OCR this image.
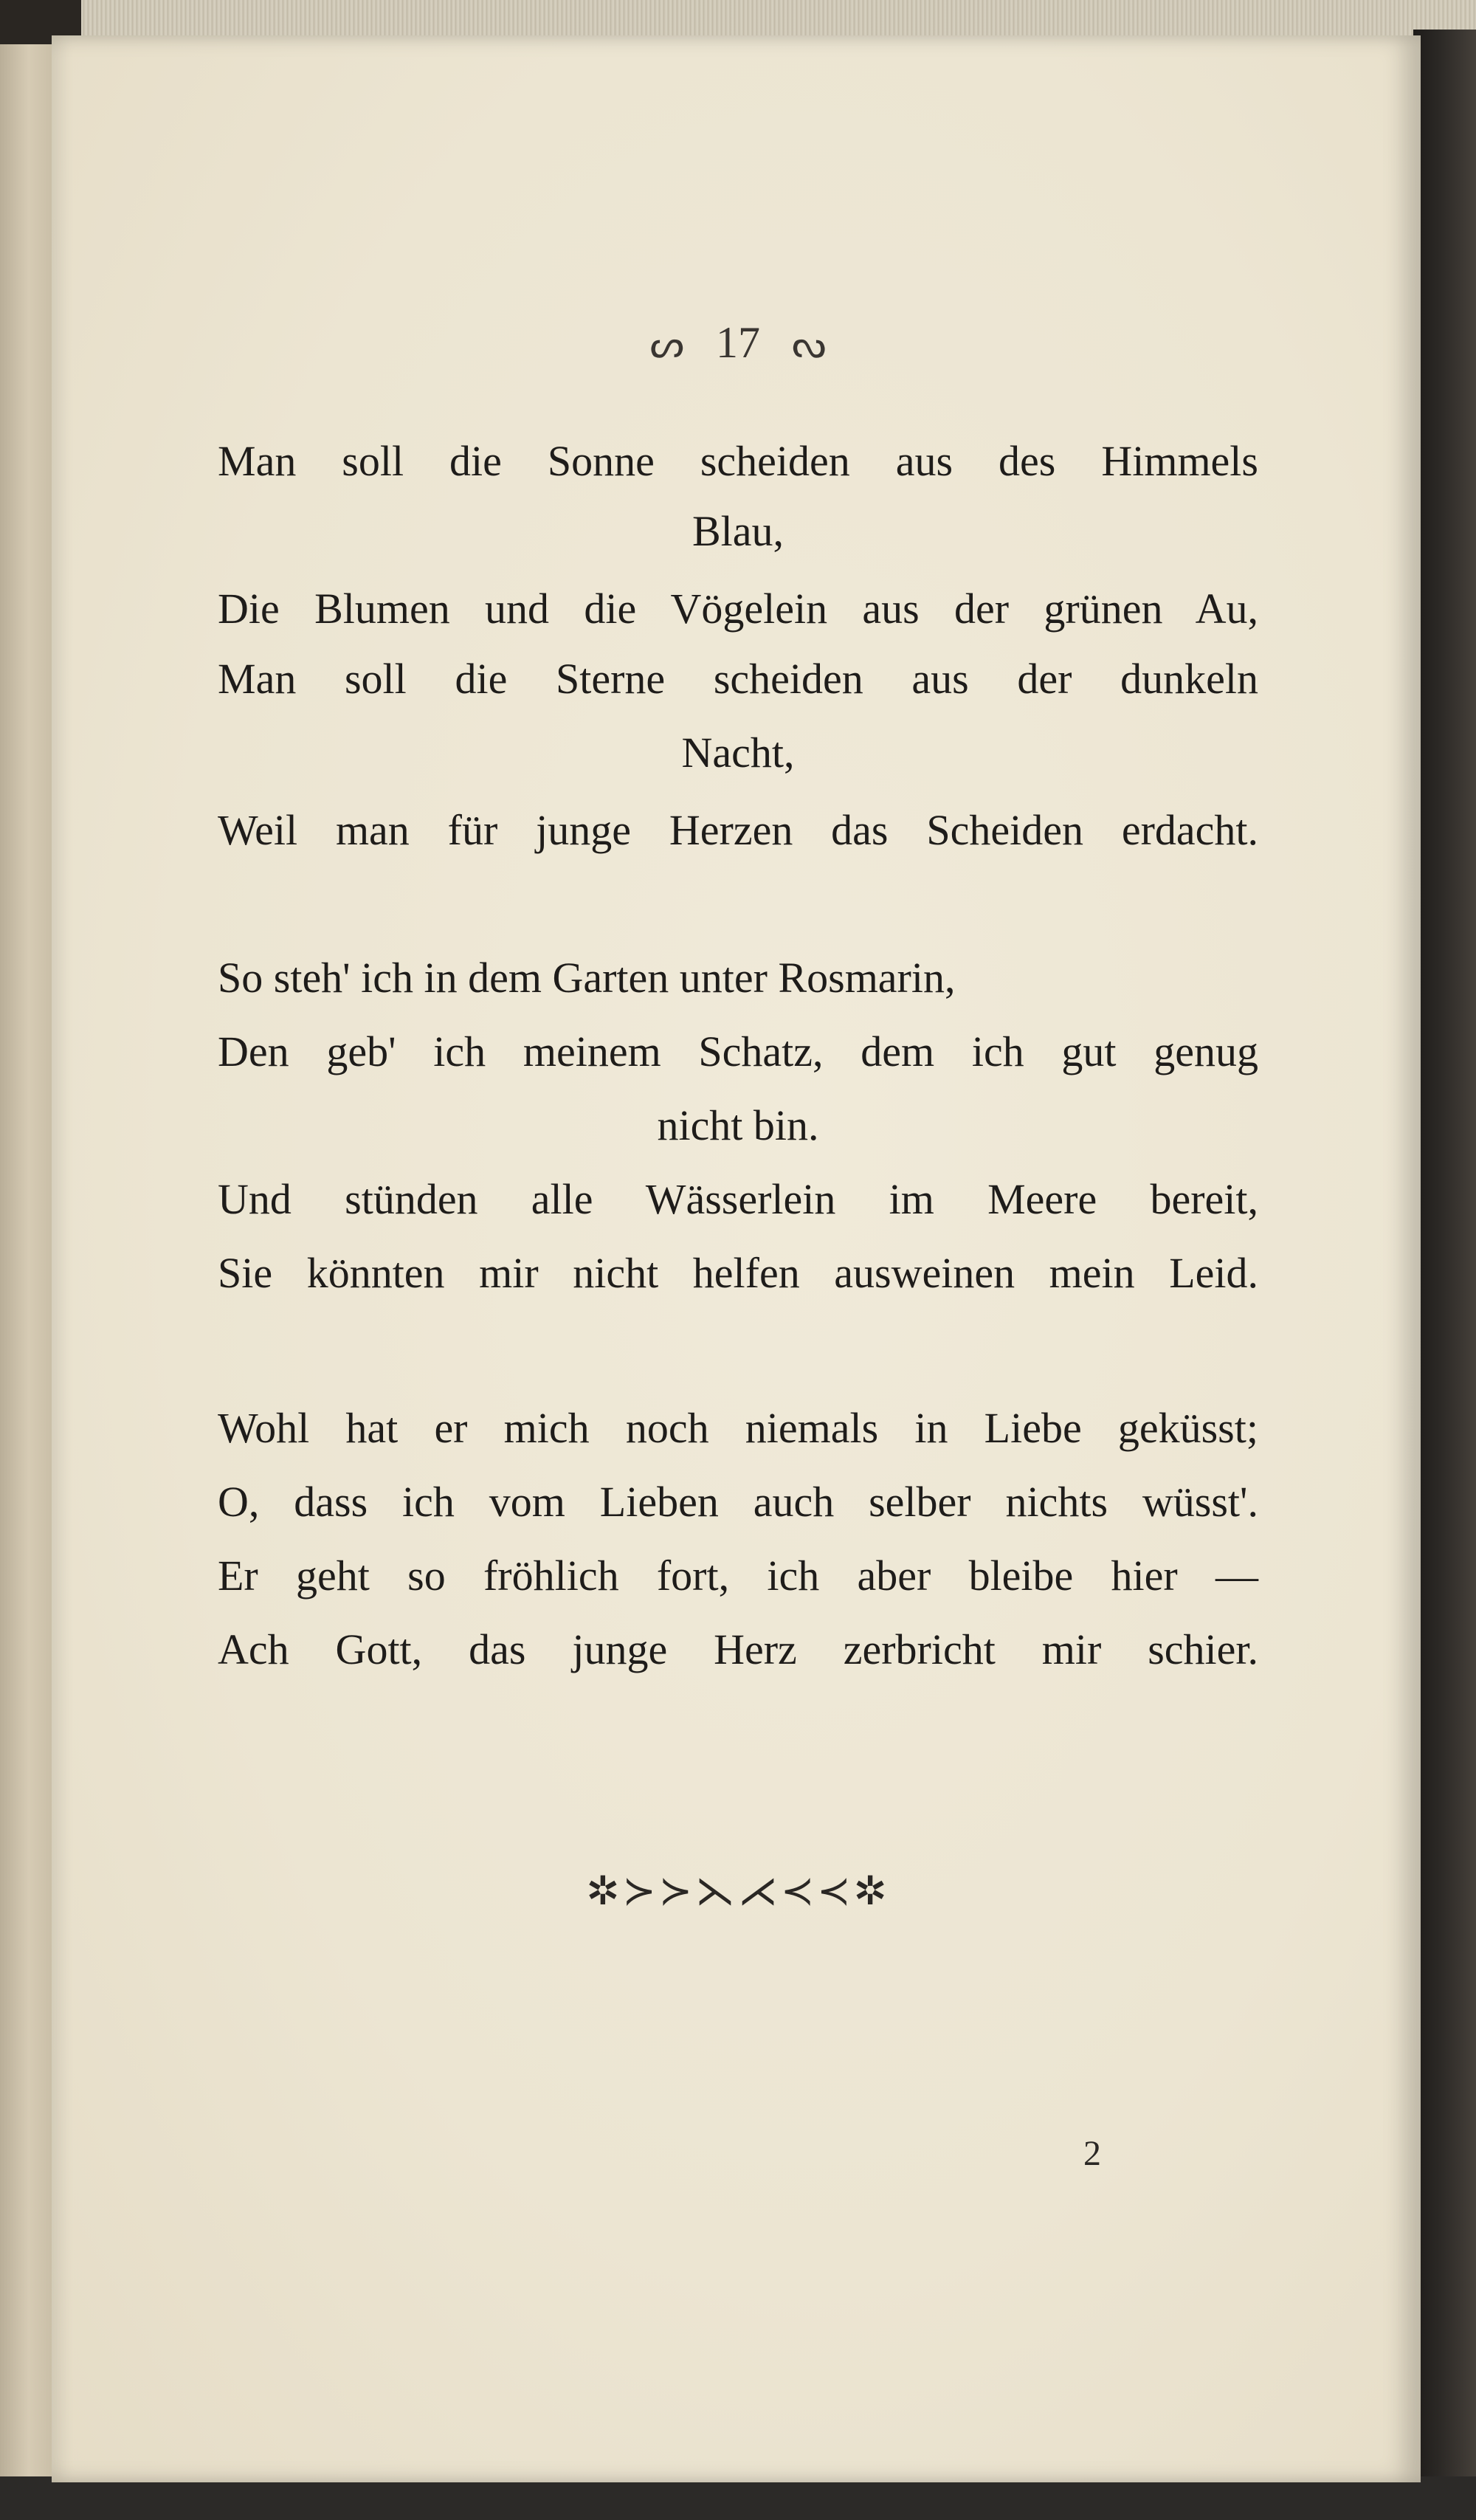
ᔕ 17 ᔓ
Man soll die Sonne scheiden aus des Himmels
Blau,
Die Blumen und die Vögelein aus der grünen Au,
Man soll die Sterne scheiden aus der dunkeln
Nacht,
Weil man für junge Herzen das Scheiden erdacht.
So steh' ich in dem Garten unter Rosmarin,
Den geb' ich meinem Schatz, dem ich gut genug
nicht bin.
Und stünden alle Wässerlein im Meere bereit,
Sie könnten mir nicht helfen ausweinen mein Leid.
Wohl hat er mich noch niemals in Liebe geküsst;
O, dass ich vom Lieben auch selber nichts wüsst'.
Er geht so fröhlich fort, ich aber bleibe hier —
Ach Gott, das junge Herz zerbricht mir schier.
✲≻≻⋋⋌≺≺✲
2
